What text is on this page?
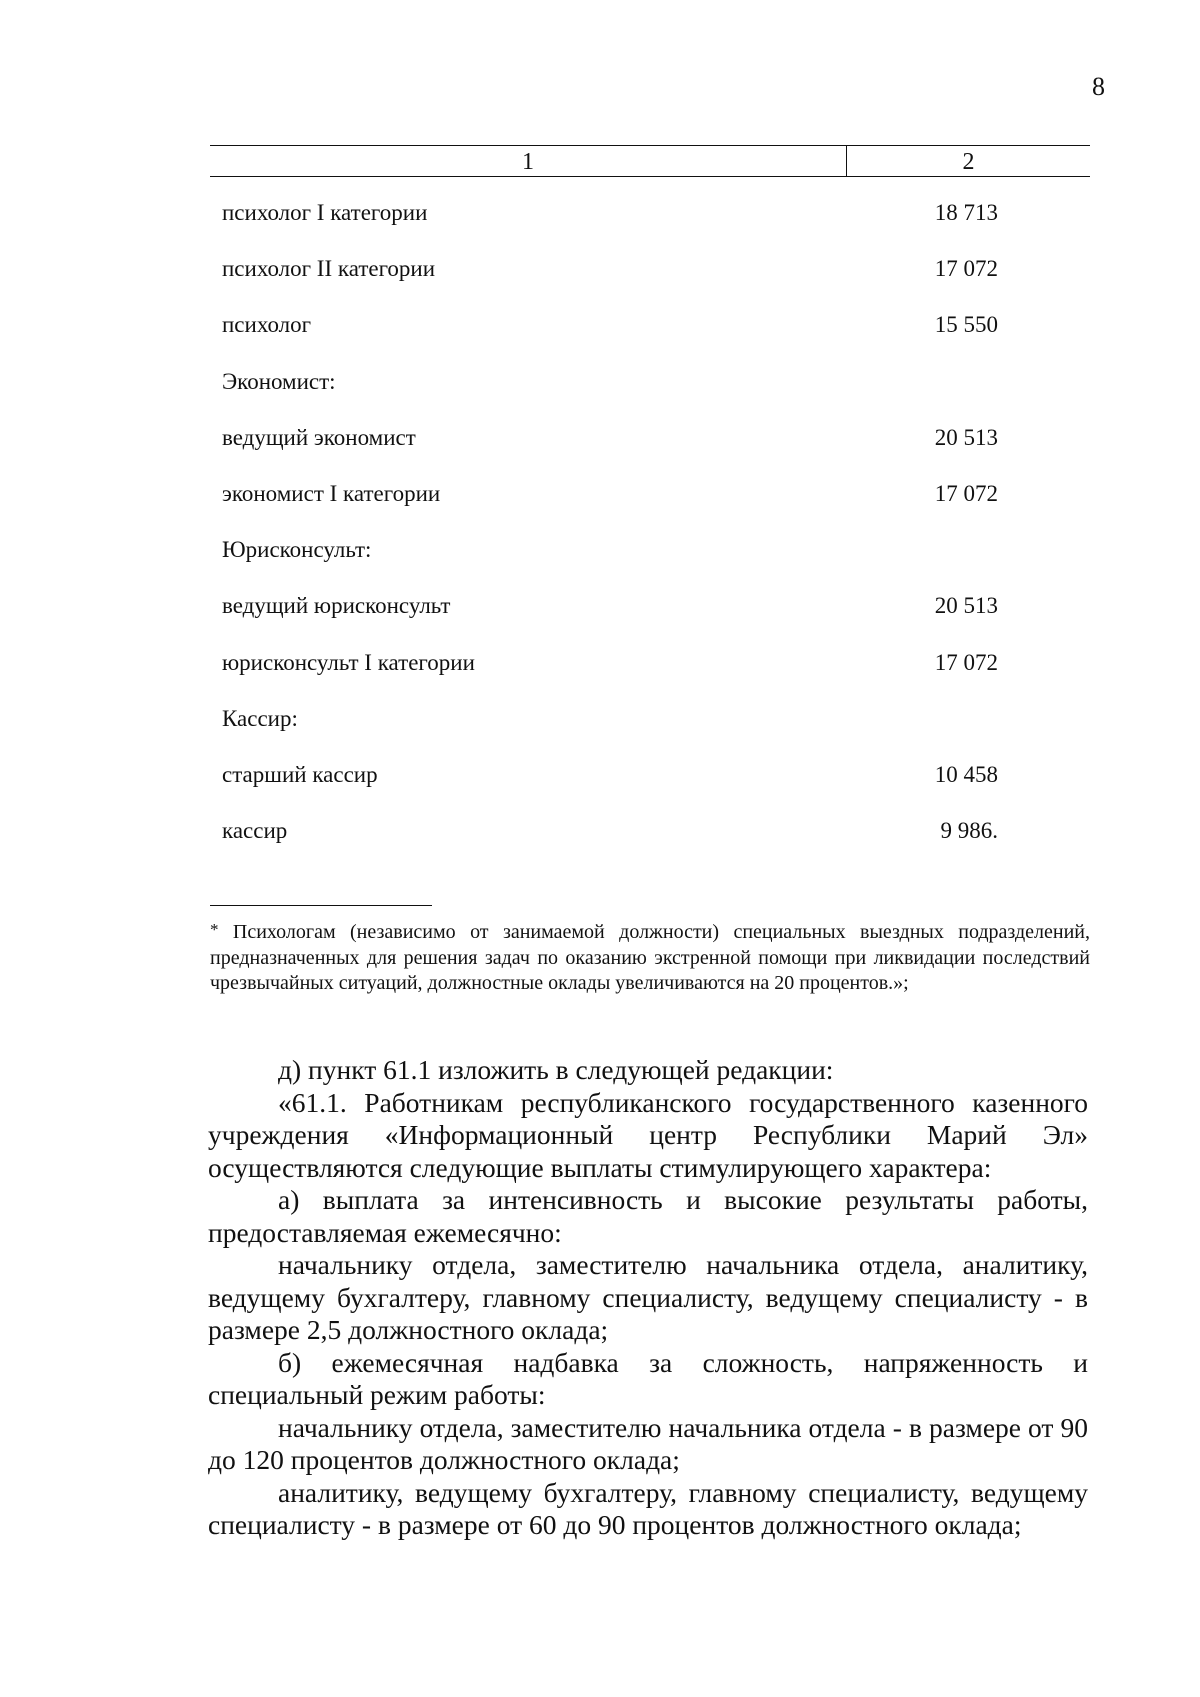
8
1	2
психолог I категории	18 713
психолог II категории	17 072
психолог	15 550
Экономист:
ведущий экономист	20 513
экономист I категории	17 072
Юрисконсульт:
ведущий юрисконсульт	20 513
юрисконсульт I категории	17 072
Кассир:
старший кассир	10 458
кассир	9 986.
* Психологам (независимо от занимаемой должности) специальных выездных подразделений, предназначенных для решения задач по оказанию экстренной помощи при ликвидации последствий чрезвычайных ситуаций, должностные оклады увеличиваются на 20 процентов.»;

д) пункт 61.1 изложить в следующей редакции:

«61.1. Работникам республиканского государственного казенного учреждения «Информационный центр Республики Марий Эл» осуществляются следующие выплаты стимулирующего характера:

а) выплата за интенсивность и высокие результаты работы, предоставляемая ежемесячно:

начальнику отдела, заместителю начальника отдела, аналитику, ведущему бухгалтеру, главному специалисту, ведущему специалисту - в размере 2,5 должностного оклада;

б) ежемесячная надбавка за сложность, напряженность и специальный режим работы:

начальнику отдела, заместителю начальника отдела - в размере от 90 до 120 процентов должностного оклада;

аналитику, ведущему бухгалтеру, главному специалисту, ведущему специалисту - в размере от 60 до 90 процентов должностного оклада;
